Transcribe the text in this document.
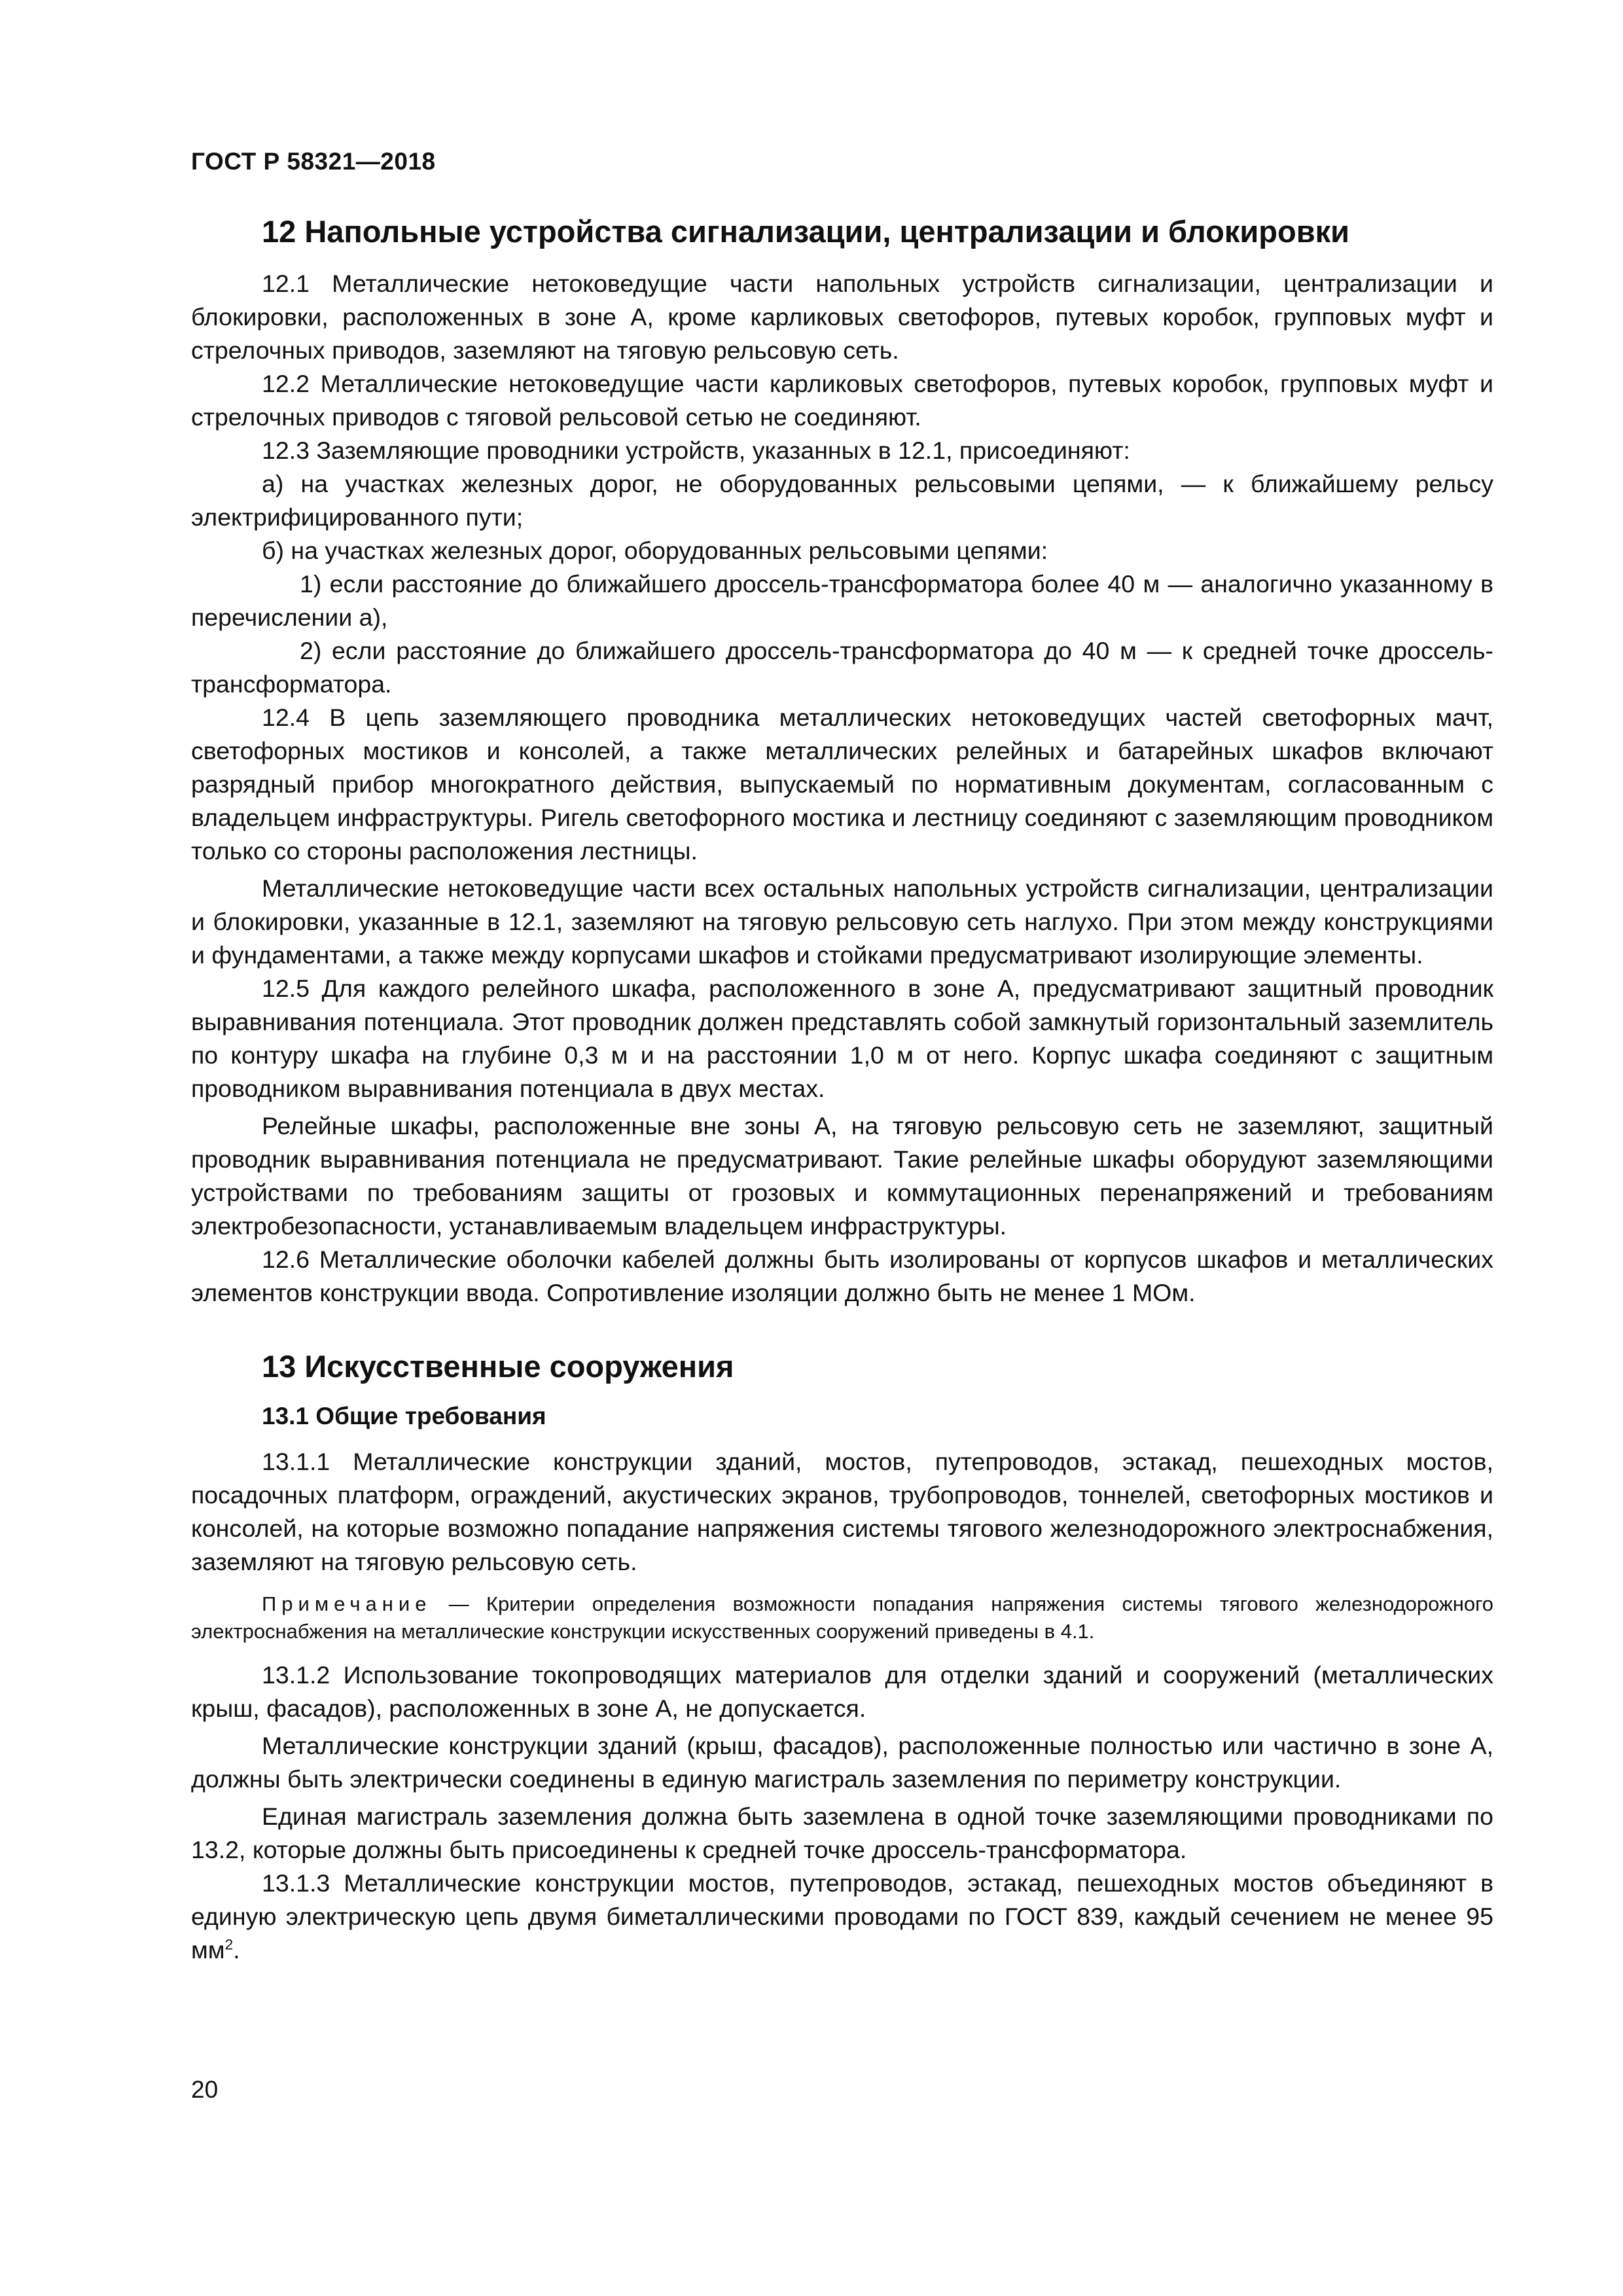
ГОСТ Р 58321—2018
12 Напольные устройства сигнализации, централизации и блокировки

12.1 Металлические нетоковедущие части напольных устройств сигнализации, централизации и блокировки, расположенных в зоне А, кроме карликовых светофоров, путевых коробок, групповых муфт и стрелочных приводов, заземляют на тяговую рельсовую сеть.

12.2 Металлические нетоковедущие части карликовых светофоров, путевых коробок, групповых муфт и стрелочных приводов с тяговой рельсовой сетью не соединяют.

12.3 Заземляющие проводники устройств, указанных в 12.1, присоединяют:

а) на участках железных дорог, не оборудованных рельсовыми цепями, — к ближайшему рельсу электрифицированного пути;

б) на участках железных дорог, оборудованных рельсовыми цепями:

1) если расстояние до ближайшего дроссель-трансформатора более 40 м — аналогично указанному в перечислении а),

2) если расстояние до ближайшего дроссель-трансформатора до 40 м — к средней точке дроссель-трансформатора.

12.4 В цепь заземляющего проводника металлических нетоковедущих частей светофорных мачт, светофорных мостиков и консолей, а также металлических релейных и батарейных шкафов включают разрядный прибор многократного действия, выпускаемый по нормативным документам, согласованным с владельцем инфраструктуры. Ригель светофорного мостика и лестницу соединяют с заземляющим проводником только со стороны расположения лестницы.

Металлические нетоковедущие части всех остальных напольных устройств сигнализации, централизации и блокировки, указанные в 12.1, заземляют на тяговую рельсовую сеть наглухо. При этом между конструкциями и фундаментами, а также между корпусами шкафов и стойками предусматривают изолирующие элементы.

12.5 Для каждого релейного шкафа, расположенного в зоне А, предусматривают защитный проводник выравнивания потенциала. Этот проводник должен представлять собой замкнутый горизонтальный заземлитель по контуру шкафа на глубине 0,3 м и на расстоянии 1,0 м от него. Корпус шкафа соединяют с защитным проводником выравнивания потенциала в двух местах.

Релейные шкафы, расположенные вне зоны А, на тяговую рельсовую сеть не заземляют, защитный проводник выравнивания потенциала не предусматривают. Такие релейные шкафы оборудуют заземляющими устройствами по требованиям защиты от грозовых и коммутационных перенапряжений и требованиям электробезопасности, устанавливаемым владельцем инфраструктуры.

12.6 Металлические оболочки кабелей должны быть изолированы от корпусов шкафов и металлических элементов конструкции ввода. Сопротивление изоляции должно быть не менее 1 МОм.

13 Искусственные сооружения
13.1 Общие требования

13.1.1 Металлические конструкции зданий, мостов, путепроводов, эстакад, пешеходных мостов, посадочных платформ, ограждений, акустических экранов, трубопроводов, тоннелей, светофорных мостиков и консолей, на которые возможно попадание напряжения системы тягового железнодорожного электроснабжения, заземляют на тяговую рельсовую сеть.

Примечание — Критерии определения возможности попадания напряжения системы тягового железнодорожного электроснабжения на металлические конструкции искусственных сооружений приведены в 4.1.

13.1.2 Использование токопроводящих материалов для отделки зданий и сооружений (металлических крыш, фасадов), расположенных в зоне А, не допускается.

Металлические конструкции зданий (крыш, фасадов), расположенные полностью или частично в зоне А, должны быть электрически соединены в единую магистраль заземления по периметру конструкции.

Единая магистраль заземления должна быть заземлена в одной точке заземляющими проводниками по 13.2, которые должны быть присоединены к средней точке дроссель-трансформатора.

13.1.3 Металлические конструкции мостов, путепроводов, эстакад, пешеходных мостов объединяют в единую электрическую цепь двумя биметаллическими проводами по ГОСТ 839, каждый сечением не менее 95 $мм^2$.

20
